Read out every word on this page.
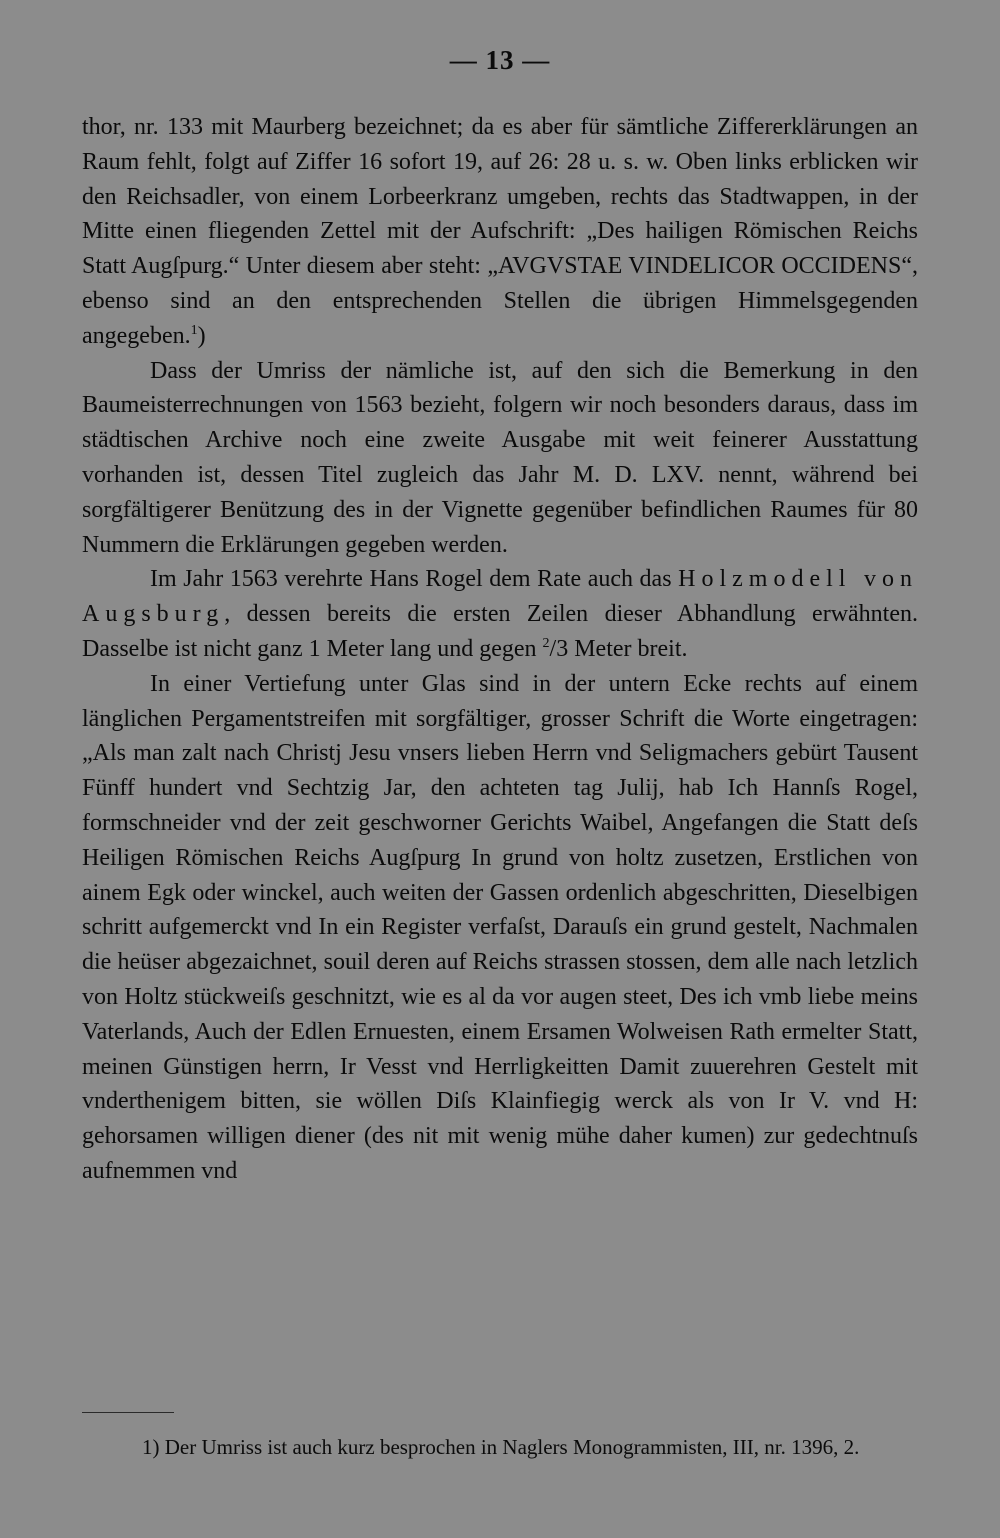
— 13 —

thor, nr. 133 mit Maurberg bezeichnet; da es aber für sämtliche Ziffererklärungen an Raum fehlt, folgt auf Ziffer 16 sofort 19, auf 26: 28 u. s. w. Oben links erblicken wir den Reichsadler, von einem Lorbeerkranz umgeben, rechts das Stadtwappen, in der Mitte einen fliegenden Zettel mit der Aufschrift: „Des hailigen Römischen Reichs Statt Augſpurg.“ Unter diesem aber steht: „AVGVSTAE VINDELICOR OCCIDENS“, ebenso sind an den entsprechenden Stellen die übrigen Himmelsgegenden angegeben.$^1$)

Dass der Umriss der nämliche ist, auf den sich die Bemerkung in den Baumeisterrechnungen von 1563 bezieht, folgern wir noch besonders daraus, dass im städtischen Archive noch eine zweite Ausgabe mit weit feinerer Ausstattung vorhanden ist, dessen Titel zugleich das Jahr M. D. LXV. nennt, während bei sorgfältigerer Benützung des in der Vignette gegenüber befindlichen Raumes für 80 Nummern die Erklärungen gegeben werden.

Im Jahr 1563 verehrte Hans Rogel dem Rate auch das Holzmodell von Augsburg, dessen bereits die ersten Zeilen dieser Abhandlung erwähnten. Dasselbe ist nicht ganz 1 Meter lang und gegen $^2$/3 Meter breit.

In einer Vertiefung unter Glas sind in der untern Ecke rechts auf einem länglichen Pergamentstreifen mit sorgfältiger, grosser Schrift die Worte eingetragen: „Als man zalt nach Christj Jesu vnsers lieben Herrn vnd Seligmachers gebürt Tausent Fünff hundert vnd Sechtzig Jar, den achteten tag Julij, hab Ich Hannſs Rogel, formschneider vnd der zeit geschworner Gerichts Waibel, Angefangen die Statt deſs Heiligen Römischen Reichs Augſpurg In grund von holtz zusetzen, Erstlichen von ainem Egk oder winckel, auch weiten der Gassen ordenlich abgeschritten, Dieselbigen schritt aufgemerckt vnd In ein Register verfaſst, Darauſs ein grund gestelt, Nachmalen die heüser abgezaichnet, souil deren auf Reichs strassen stossen, dem alle nach letzlich von Holtz stückweiſs geschnitzt, wie es al da vor augen steet, Des ich vmb liebe meins Vaterlands, Auch der Edlen Ernuesten, einem Ersamen Wolweisen Rath ermelter Statt, meinen Günstigen herrn, Ir Vesst vnd Herrligkeitten Damit zuuerehren Gestelt mit vnderthenigem bitten, sie wöllen Diſs Klainfiegig werck als von Ir V. vnd H: gehorsamen willigen diener (des nit mit wenig mühe daher kumen) zur gedechtnuſs aufnemmen vnd

1) Der Umriss ist auch kurz besprochen in Naglers Monogrammisten, III, nr. 1396, 2.
